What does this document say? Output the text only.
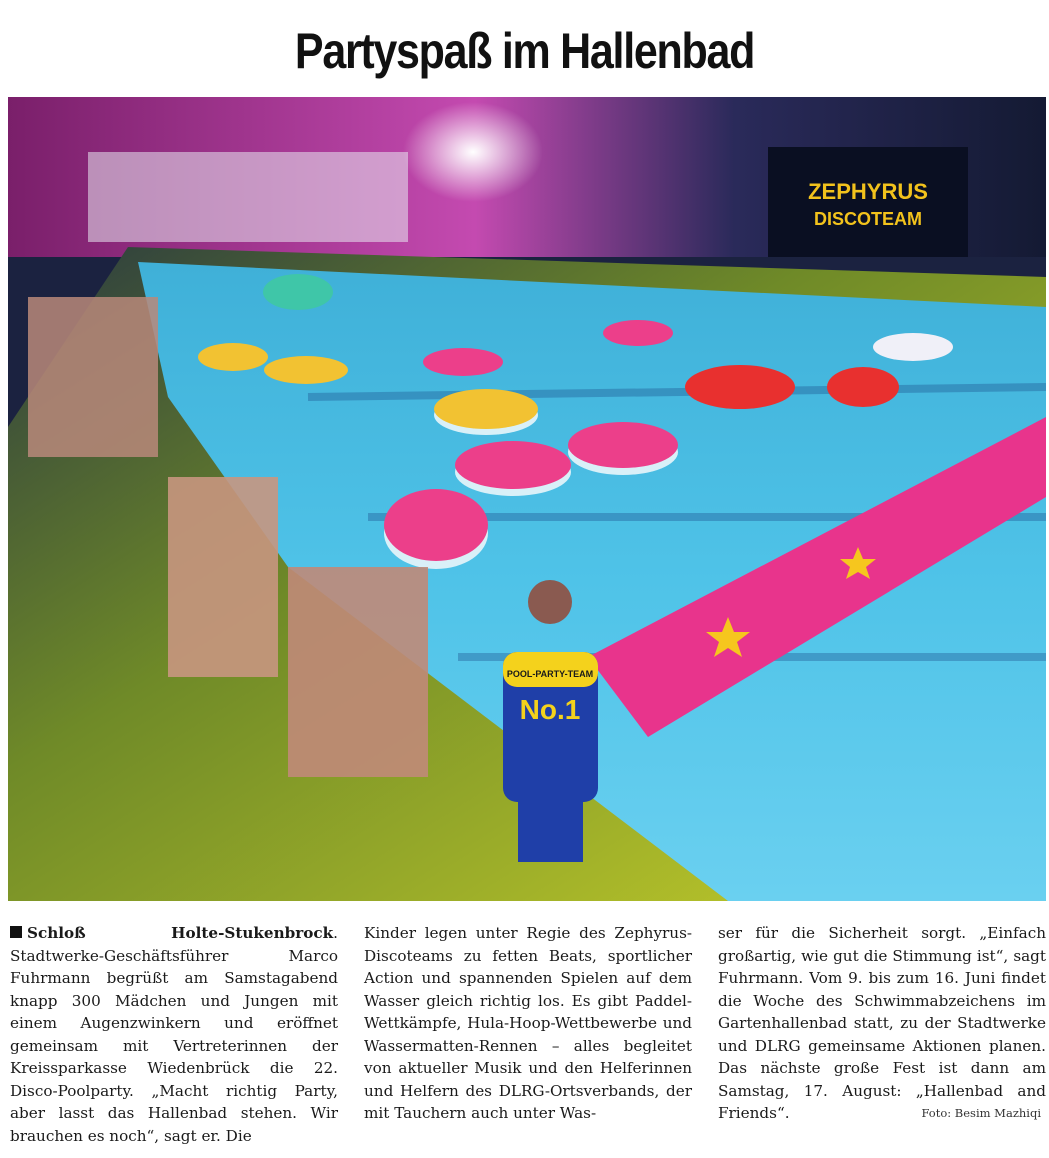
Partyspaß im Hallenbad
ZEPHYRUS
DISCOTEAM
POOL-PARTY-TEAM
No.1

Schloß Holte-Stukenbrock. Stadtwerke-Geschäftsführer Marco Fuhrmann begrüßt am Samstagabend knapp 300 Mädchen und Jungen mit einem Augenzwinkern und eröffnet gemeinsam mit Vertreterinnen der Kreissparkasse Wiedenbrück die 22. Disco-Poolparty. „Macht richtig Party, aber lasst das Hallenbad stehen. Wir brauchen es noch“, sagt er. Die

Kinder legen unter Regie des Zephyrus-Discoteams zu fetten Beats, sportlicher Action und spannenden Spielen auf dem Wasser gleich richtig los. Es gibt Paddel-Wettkämpfe, Hula-Hoop-Wettbewerbe und Wassermatten-Rennen – alles begleitet von aktueller Musik und den Helferinnen und Helfern des DLRG-Ortsverbands, der mit Tauchern auch unter Was-

ser für die Sicherheit sorgt. „Einfach großartig, wie gut die Stimmung ist“, sagt Fuhrmann. Vom 9. bis zum 16. Juni findet die Woche des Schwimmabzeichens im Gartenhallenbad statt, zu der Stadtwerke und DLRG gemeinsame Aktionen planen. Das nächste große Fest ist dann am Samstag, 17. August: „Hallenbad and Friends“.	Foto: Besim Mazhiqi
